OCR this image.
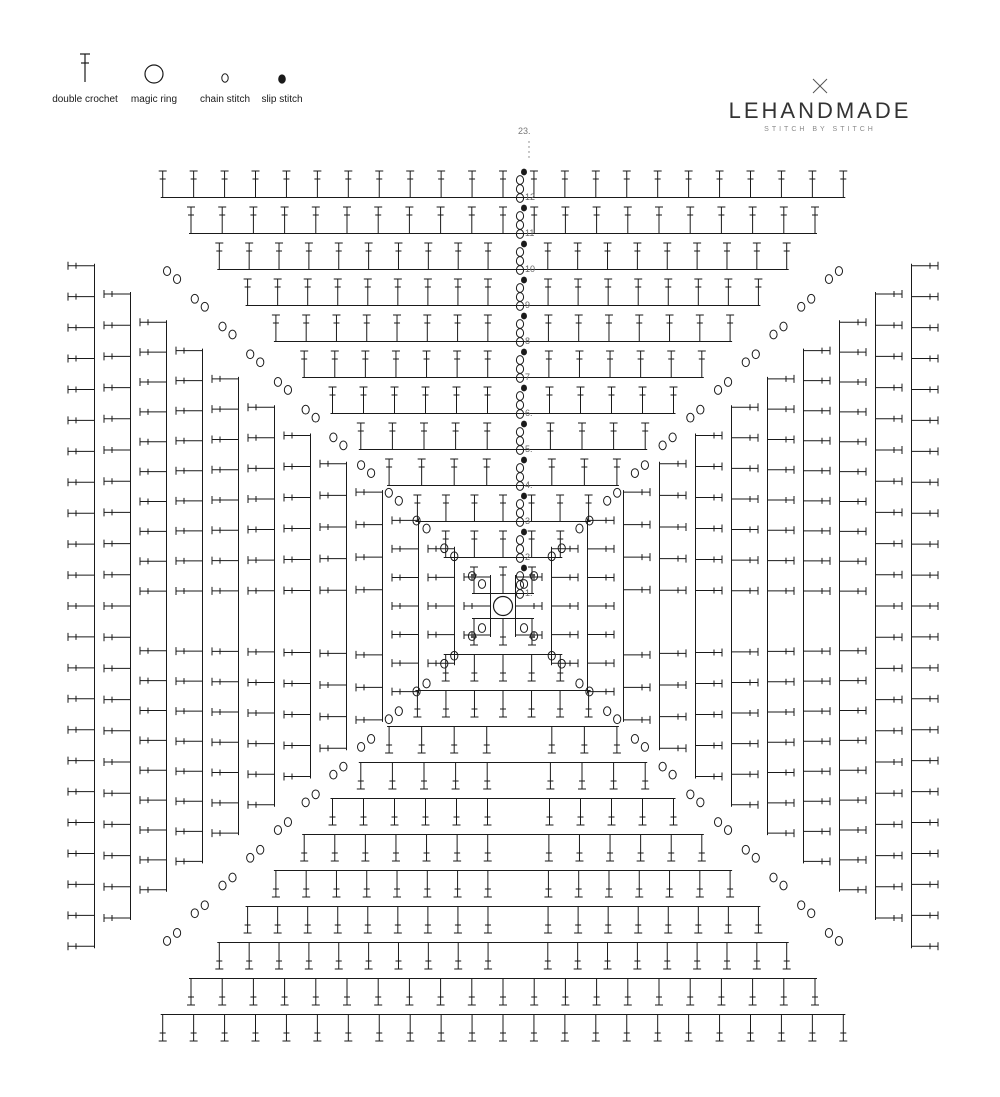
double crochet	magic ring	chain stitch	slip stitch	LEHANDMADE
STITCH BY STITCH
23.
1.
2
3
4.
5.
6.
7
8
9
10
11
12
